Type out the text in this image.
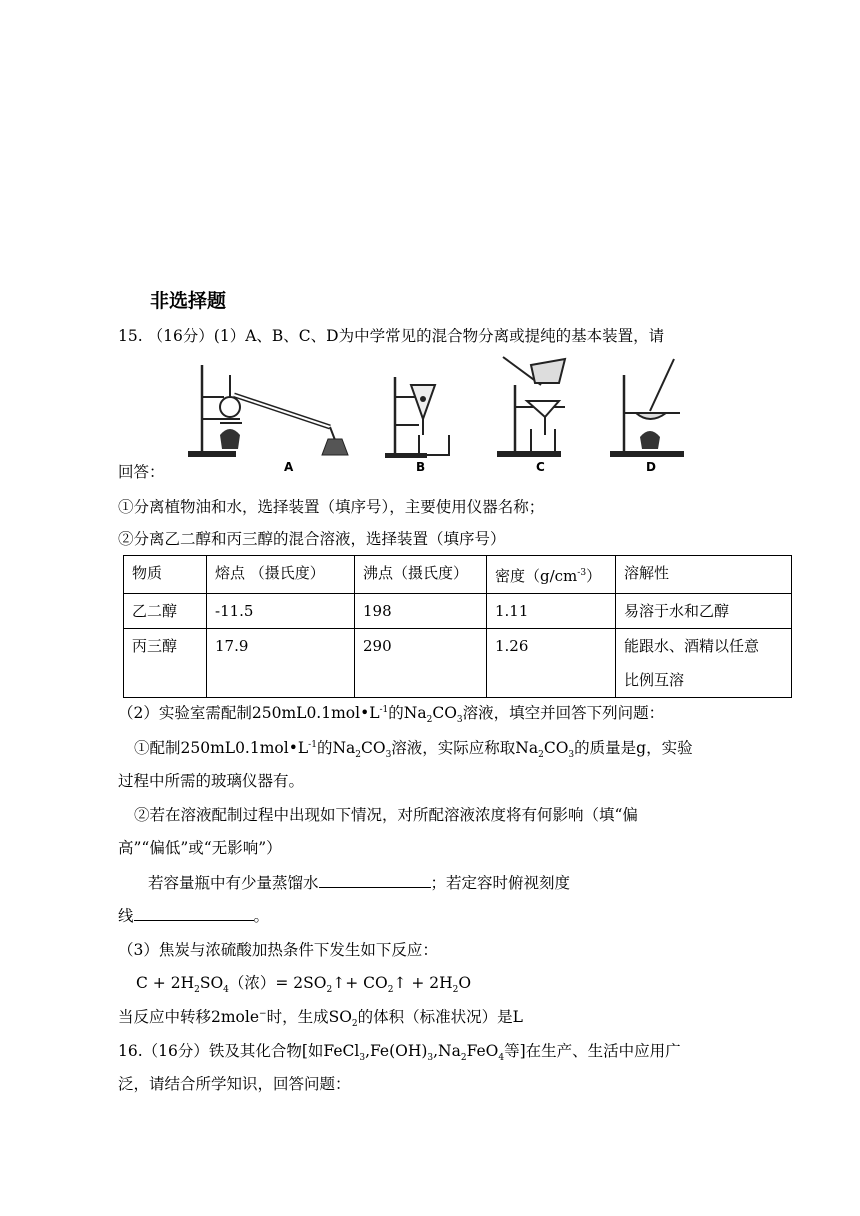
非选择题
15. （16分）(1）A、B、C、D为中学常见的混合物分离或提纯的基本装置，请
A	B	C	D
回答：
①分离植物油和水，选择装置（填序号），主要使用仪器名称；
②分离乙二醇和丙三醇的混合溶液，选择装置（填序号）
物质	熔点 （摄氏度）	沸点（摄氏度）	密度$(g/cm^{-3})$	溶解性
乙二醇	-11.5	198	1.11	易溶于水和乙醇
丙三醇	17.9	290	1.26	能跟水、酒精以任意
比例互溶
（2）实验室需配制$250mL0.1mol•L^{-1}$的$Na_2CO_3$溶液，填空并回答下列问题：
①配制$250mL0.1mol•L^{-1}$的$Na_2CO_3$溶液，实际应称取$Na_2CO_3$的质量是g，实验
过程中所需的玻璃仪器有。
②若在溶液配制过程中出现如下情况，对所配溶液浓度将有何影响（填“偏
高”“偏低”或“无影响”）
若容量瓶中有少量蒸馏水	；若定容时俯视刻度
线	。
（3）焦炭与浓硫酸加热条件下发生如下反应：
$C + 2H_2SO_4$（浓）= $2SO_2↑+$ $CO_2↑ + 2H_2O$
当反应中转移2mole−时，生成$SO_2$的体积（标准状况）是L
16.（16分）铁及其化合物[如$FeCl_3,Fe(OH)_3,Na_2FeO_4$等]在生产、生活中应用广
泛，请结合所学知识，回答问题：
